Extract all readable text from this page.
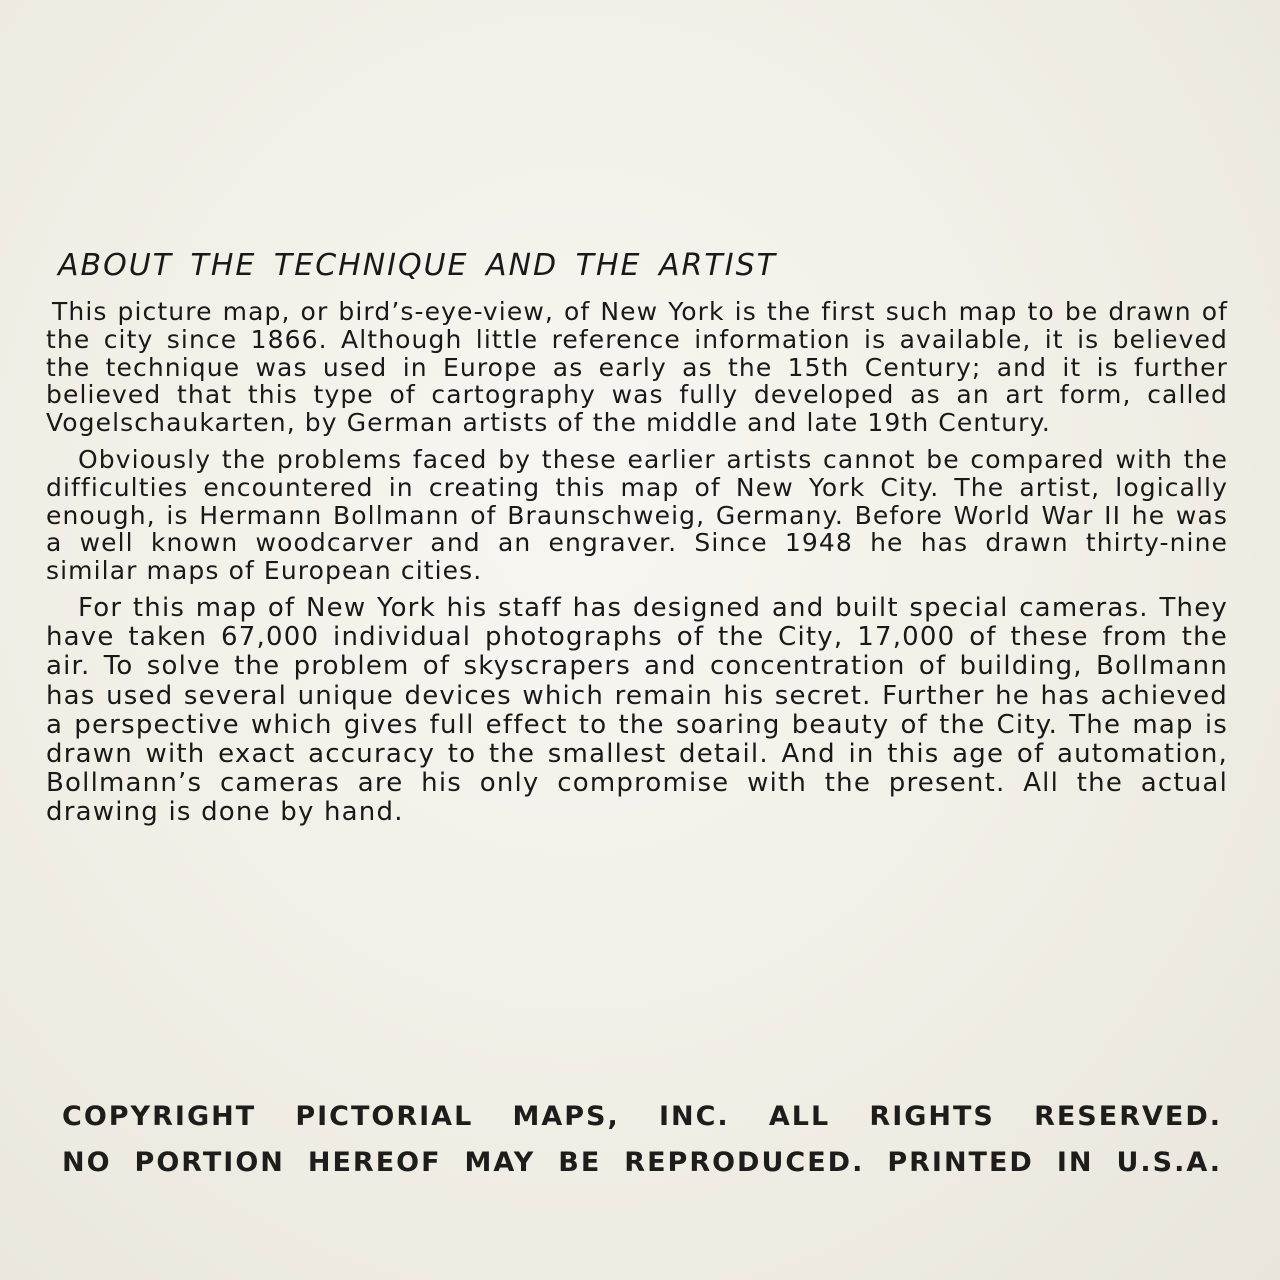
ABOUT THE TECHNIQUE AND THE ARTIST

This picture map, or bird’s-eye-view, of New York is the first such map to be drawn of the city since 1866. Although little reference information is available, it is believed the technique was used in Europe as early as the 15th Century; and it is further believed that this type of cartography was fully developed as an art form, called Vogelschaukarten, by German artists of the middle and late 19th Century.

Obviously the problems faced by these earlier artists cannot be compared with the difficulties encountered in creating this map of New York City. The artist, logically enough, is Hermann Bollmann of Braunschweig, Germany. Before World War II he was a well known woodcarver and an engraver. Since 1948 he has drawn thirty-nine similar maps of European cities.

For this map of New York his staff has designed and built special cameras. They have taken 67,000 individual photographs of the City, 17,000 of these from the air. To solve the problem of skyscrapers and concentration of building, Bollmann has used several unique devices which remain his secret. Further he has achieved a perspective which gives full effect to the soaring beauty of the City. The map is drawn with exact accuracy to the smallest detail. And in this age of automation, Bollmann’s cameras are his only compromise with the present. All the actual drawing is done by hand.

COPYRIGHT PICTORIAL MAPS, INC. ALL RIGHTS RESERVED.
NO PORTION HEREOF MAY BE REPRODUCED. PRINTED IN U.S.A.
